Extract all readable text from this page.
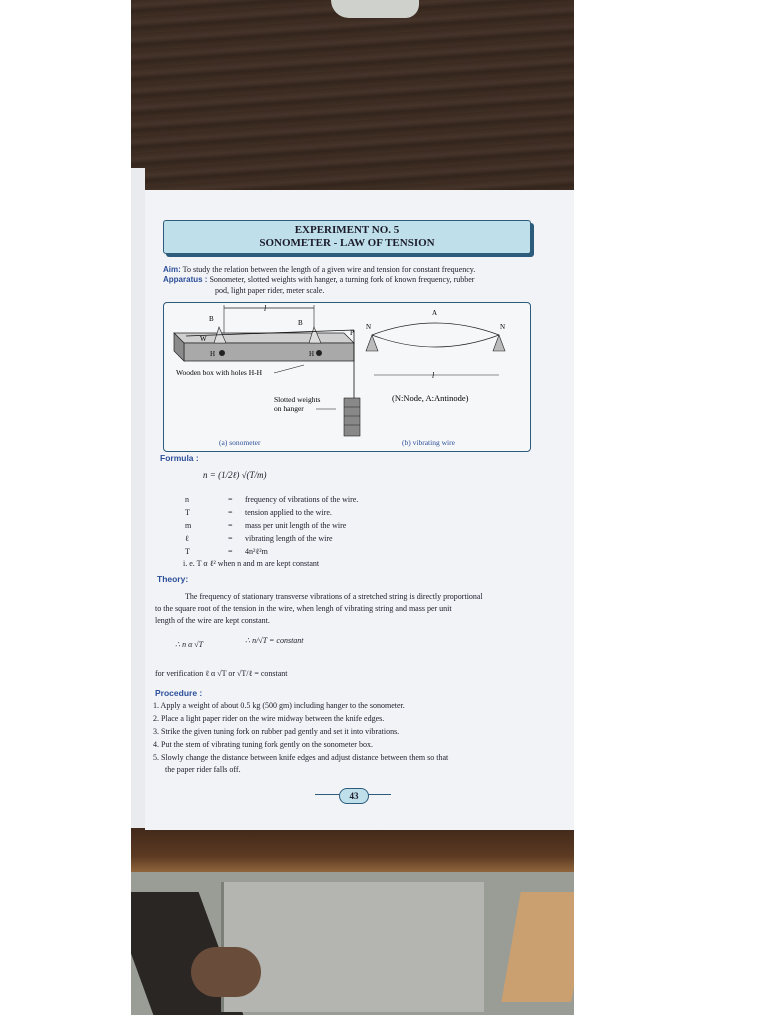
EXPERIMENT NO. 5
SONOMETER - LAW OF TENSION
Aim: To study the relation between the length of a given wire and tension for constant frequency.
Apparatus : Sonometer, slotted weights with hanger, a turning fork of known frequency, rubber
pod, light paper rider, meter scale.
l
B	B
W
H	H
P
Wooden box with holes H-H
Slotted weights
on hanger
(a) sonometer
N	N
A
l
(N:Node, A:Antinode)
(b) vibrating wire
Formula :
n = (1/2ℓ) √(T/m)
n	= frequency of vibrations of the wire.
T	= tension applied to the wire.
m	= mass per unit length of the wire
ℓ	= vibrating length of the wire
T	= 4n²ℓ²m
i. e. T α ℓ² when n and m are kept constant
Theory:
The frequency of stationary transverse vibrations of a stretched string is directly proportional
to the square root of the tension in the wire, when lengh of vibrating string and mass per unit
length of the wire are kept constant.
∴ n α √T	∴ n/√T = constant
for verification ℓ α √T or √T/ℓ = constant
Procedure :
1. Apply a weight of about 0.5 kg (500 gm) including hanger to the sonometer.
2. Place a light paper rider on the wire midway between the knife edges.
3. Strike the given tuning fork on rubber pad gently and set it into vibrations.
4. Put the stem of vibrating tuning fork gently on the sonometer box.
5. Slowly change the distance between knife edges and adjust distance between them so that
the paper rider falls off.
43
vivo Y56
Krushna
